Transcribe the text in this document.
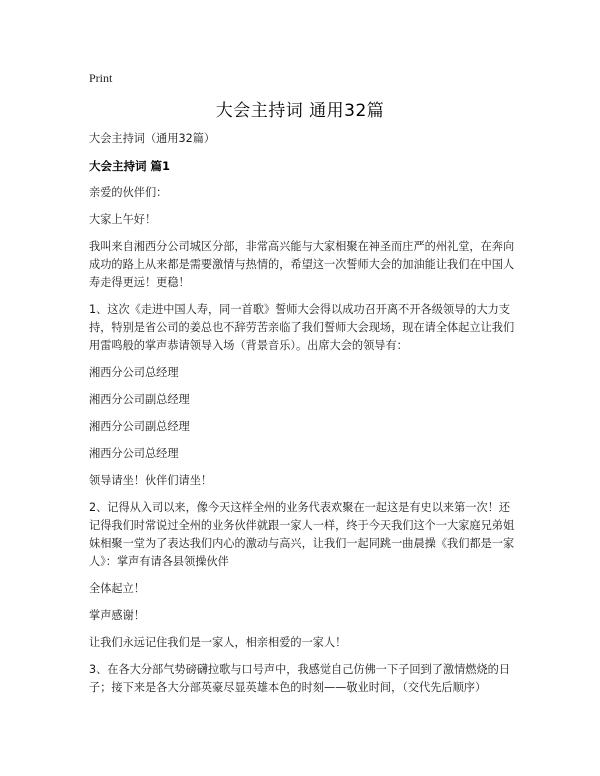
Print
大会主持词 通用32篇

大会主持词（通用32篇）

大会主持词 篇1

亲爱的伙伴们：

大家上午好！

我叫来自湘西分公司城区分部，非常高兴能与大家相聚在神圣而庄严的州礼堂，在奔向成功的路上从来都是需要激情与热情的，希望这一次誓师大会的加油能让我们在中国人寿走得更远！更稳！

1、这次《走进中国人寿，同一首歌》誓师大会得以成功召开离不开各级领导的大力支持，特别是省公司的姜总也不辞劳苦亲临了我们誓师大会现场，现在请全体起立让我们用雷鸣般的掌声恭请领导入场（背景音乐）。出席大会的领导有：

湘西分公司总经理

湘西分公司副总经理

湘西分公司副总经理

湘西分公司总经理

领导请坐！伙伴们请坐！

2、记得从入司以来，像今天这样全州的业务代表欢聚在一起这是有史以来第一次！还记得我们时常说过全州的业务伙伴就跟一家人一样，终于今天我们这个一大家庭兄弟姐妹相聚一堂为了表达我们内心的激动与高兴，让我们一起同跳一曲晨操《我们都是一家人》：掌声有请各县领操伙伴

全体起立！

掌声感谢！

让我们永远记住我们是一家人，相亲相爱的一家人！

3、在各大分部气势磅礴拉歌与口号声中，我感觉自己仿佛一下子回到了激情燃烧的日子；接下来是各大分部英豪尽显英雄本色的时刻——敬业时间，（交代先后顺序）
